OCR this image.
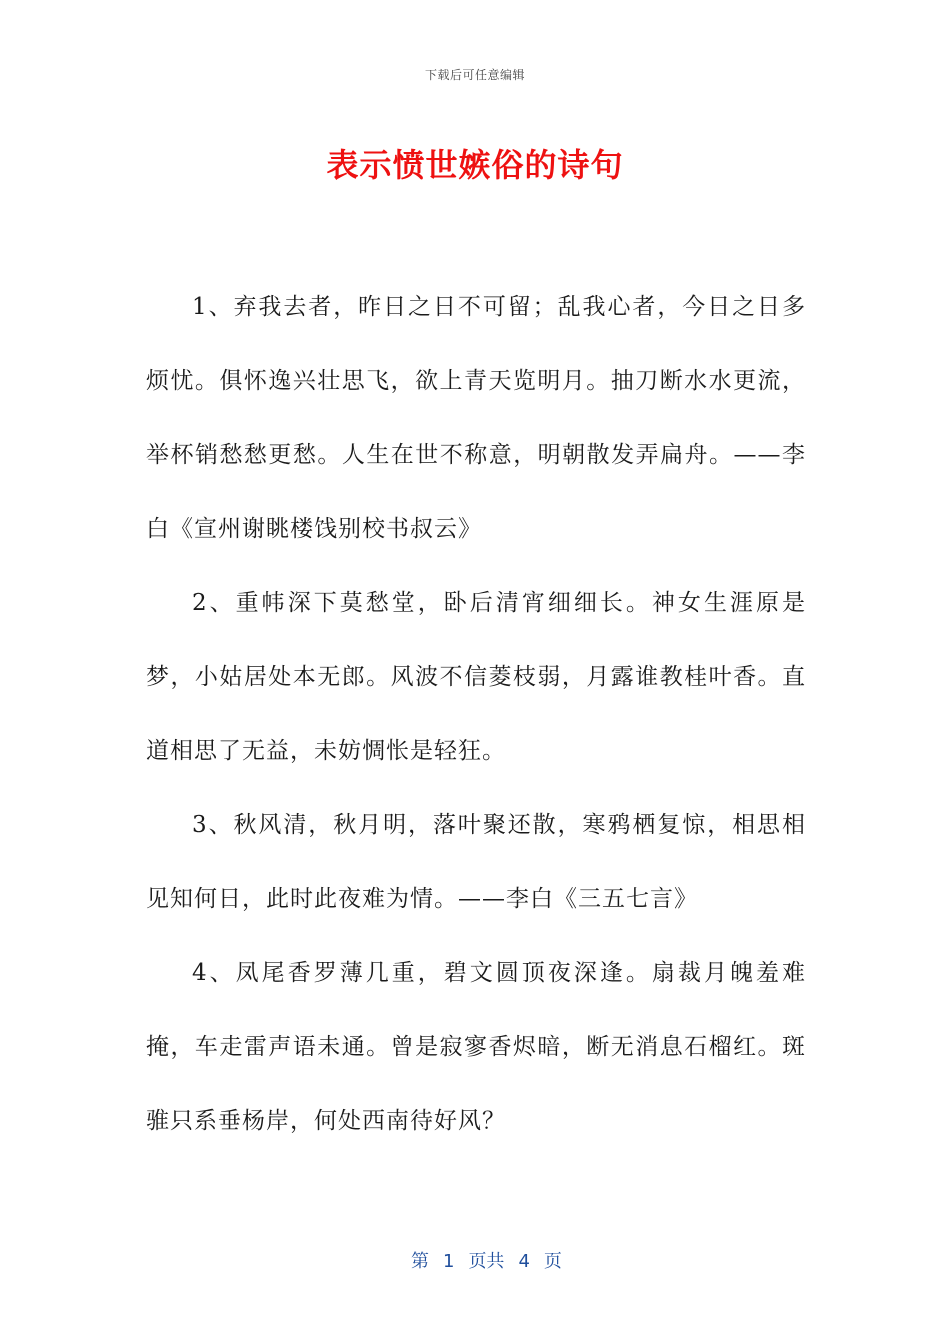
下载后可任意编辑
表示愤世嫉俗的诗句

1、弃我去者，昨日之日不可留；乱我心者，今日之日多烦忧。俱怀逸兴壮思飞，欲上青天览明月。抽刀断水水更流，举杯销愁愁更愁。人生在世不称意，明朝散发弄扁舟。——李白《宣州谢眺楼饯别校书叔云》

2、重帏深下莫愁堂，卧后清宵细细长。神女生涯原是梦，小姑居处本无郎。风波不信菱枝弱，月露谁教桂叶香。直道相思了无益，未妨惆怅是轻狂。

3、秋风清，秋月明，落叶聚还散，寒鸦栖复惊，相思相见知何日，此时此夜难为情。——李白《三五七言》

4、凤尾香罗薄几重，碧文圆顶夜深逢。扇裁月魄羞难掩，车走雷声语未通。曾是寂寥香烬暗，断无消息石榴红。斑骓只系垂杨岸，何处西南待好风？

第 1 页共 4 页
